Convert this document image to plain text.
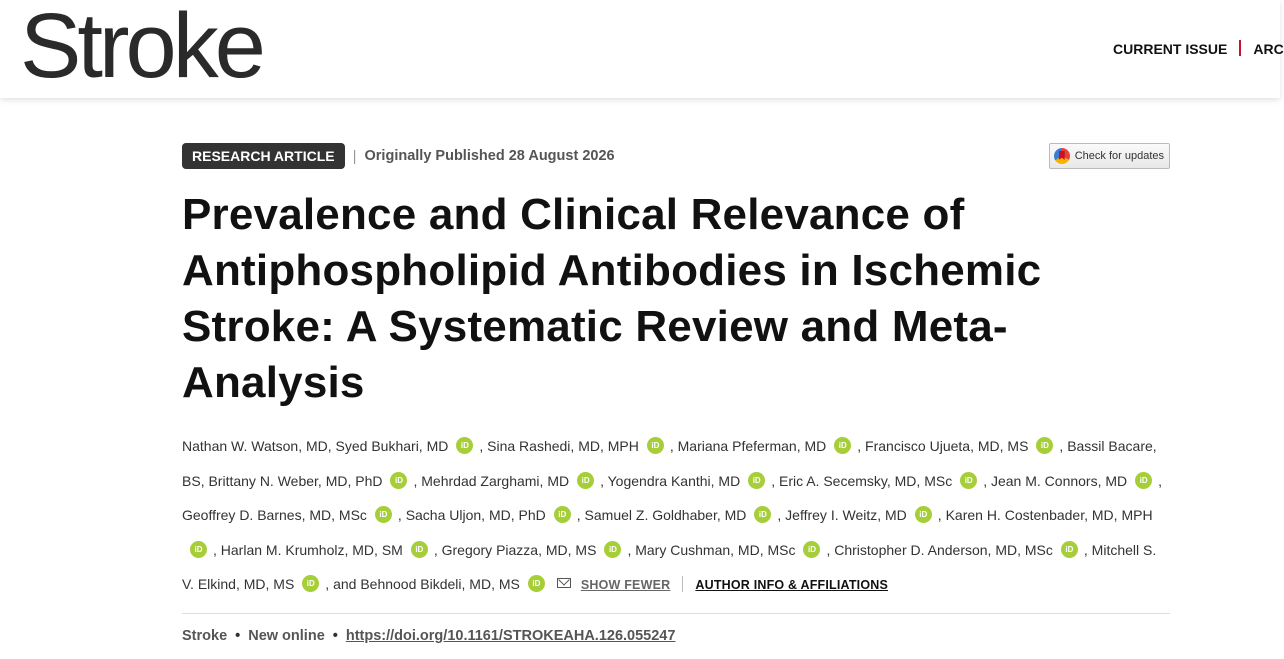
Stroke	CURRENT ISSUE ARC
RESEARCH ARTICLE | Originally Published 28 August 2026	Check for updates
Prevalence and Clinical Relevance of Antiphospholipid Antibodies in Ischemic Stroke: A Systematic Review and Meta-Analysis
Nathan W. Watson, MD, Syed Bukhari, MD iD , Sina Rashedi, MD, MPH iD , Mariana Pfeferman, MD iD , Francisco Ujueta, MD, MS iD , Bassil Bacare, BS, Brittany N. Weber, MD, PhD iD , Mehrdad Zarghami, MD iD , Yogendra Kanthi, MD iD , Eric A. Secemsky, MD, MSc iD , Jean M. Connors, MD iD , Geoffrey D. Barnes, MD, MSc iD , Sacha Uljon, MD, PhD iD , Samuel Z. Goldhaber, MD iD , Jeffrey I. Weitz, MD iD , Karen H. Costenbader, MD, MPHiD , Harlan M. Krumholz, MD, SM iD , Gregory Piazza, MD, MS iD , Mary Cushman, MD, MSc iD , Christopher D. Anderson, MD, MSc iD , Mitchell S. V. Elkind, MD, MS iD , and Behnood Bikdeli, MD, MS iD	SHOW FEWER AUTHOR INFO & AFFILIATIONS
Stroke • New online • https://doi.org/10.1161/STROKEAHA.126.055247
